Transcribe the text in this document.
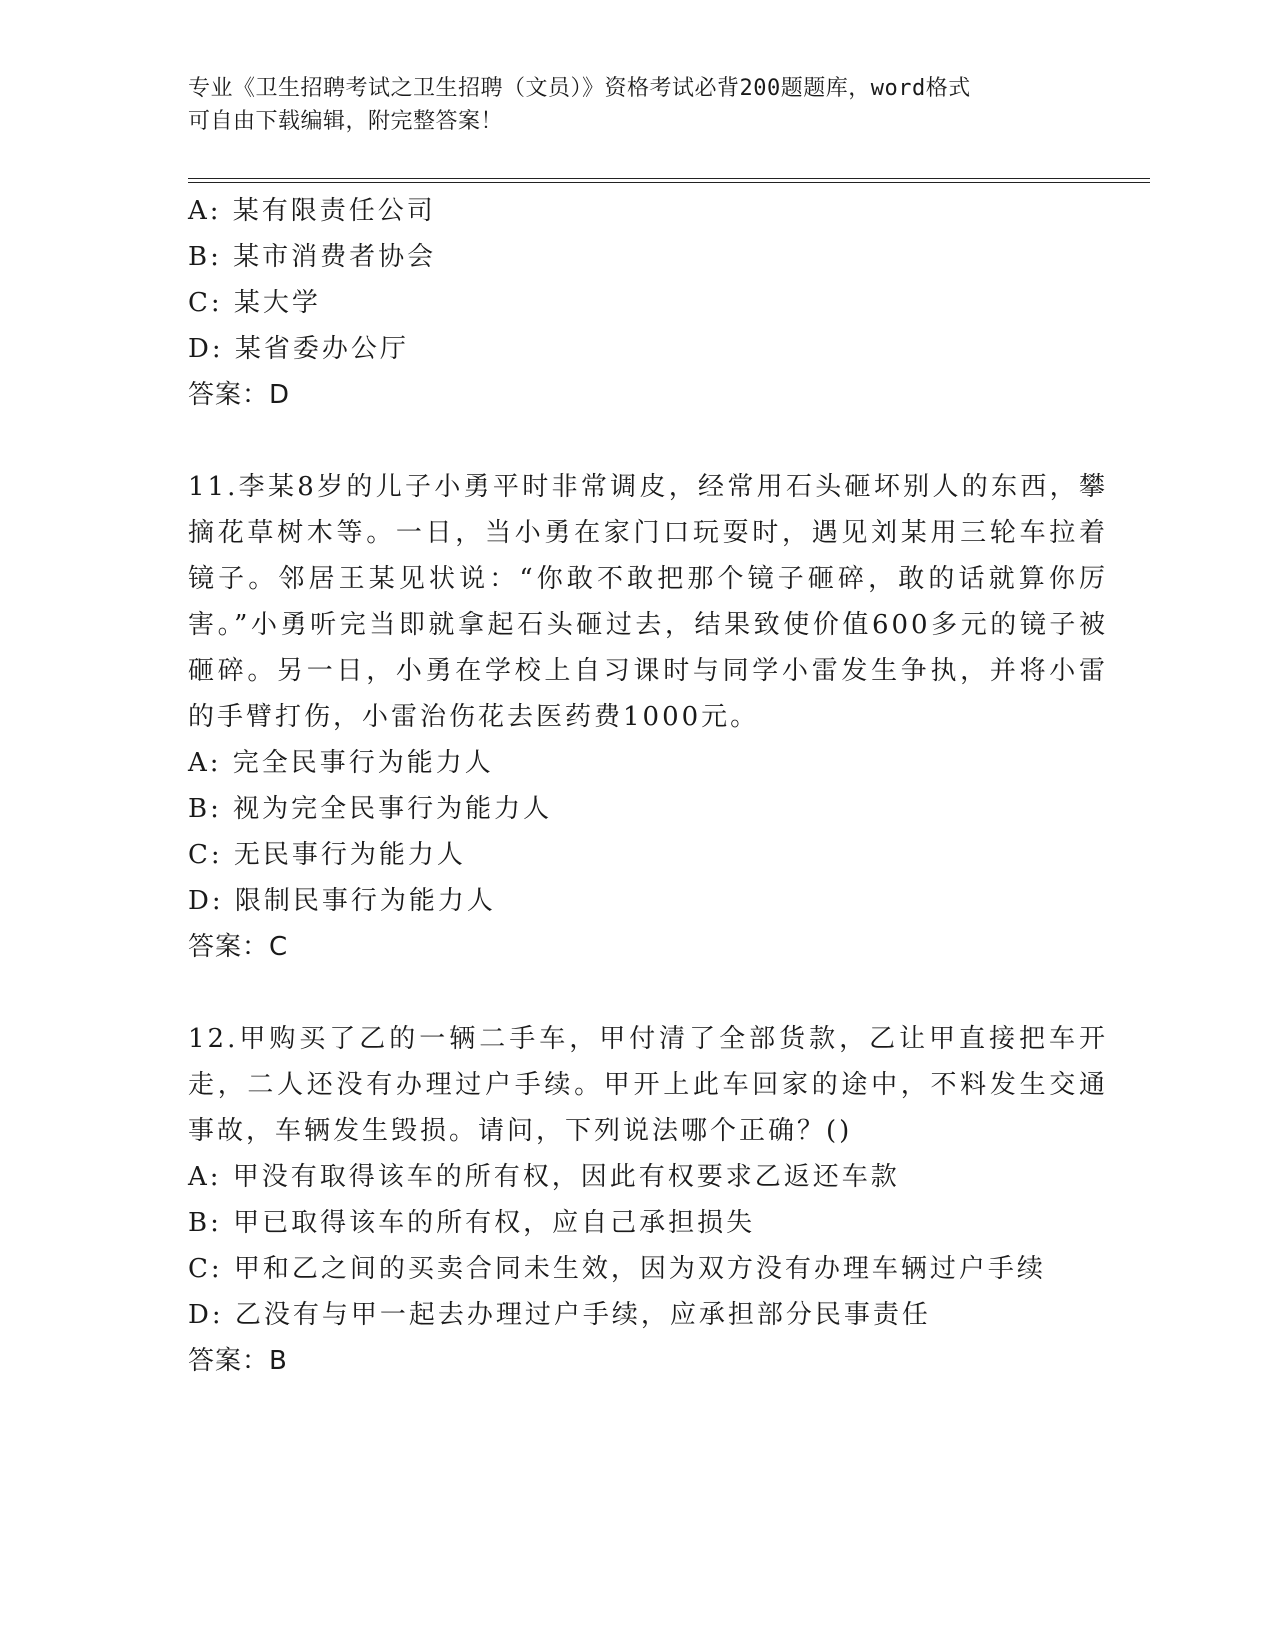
专业《卫生招聘考试之卫生招聘（文员）》资格考试必背200题题库，word格式
可自由下载编辑，附完整答案！
A: 某有限责任公司
B: 某市消费者协会
C: 某大学
D: 某省委办公厅
答案：D
11.李某8岁的儿子小勇平时非常调皮，经常用石头砸坏别人的东西，攀摘花草树木等。一日，当小勇在家门口玩耍时，遇见刘某用三轮车拉着镜子。邻居王某见状说：“你敢不敢把那个镜子砸碎，敢的话就算你厉害。”小勇听完当即就拿起石头砸过去，结果致使价值600多元的镜子被砸碎。另一日，小勇在学校上自习课时与同学小雷发生争执，并将小雷的手臂打伤，小雷治伤花去医药费1000元。
A: 完全民事行为能力人
B: 视为完全民事行为能力人
C: 无民事行为能力人
D: 限制民事行为能力人
答案：C
12.甲购买了乙的一辆二手车，甲付清了全部货款，乙让甲直接把车开走，二人还没有办理过户手续。甲开上此车回家的途中，不料发生交通事故，车辆发生毁损。请问，下列说法哪个正确？()
A: 甲没有取得该车的所有权，因此有权要求乙返还车款
B: 甲已取得该车的所有权，应自己承担损失
C: 甲和乙之间的买卖合同未生效，因为双方没有办理车辆过户手续
D: 乙没有与甲一起去办理过户手续，应承担部分民事责任
答案：B
